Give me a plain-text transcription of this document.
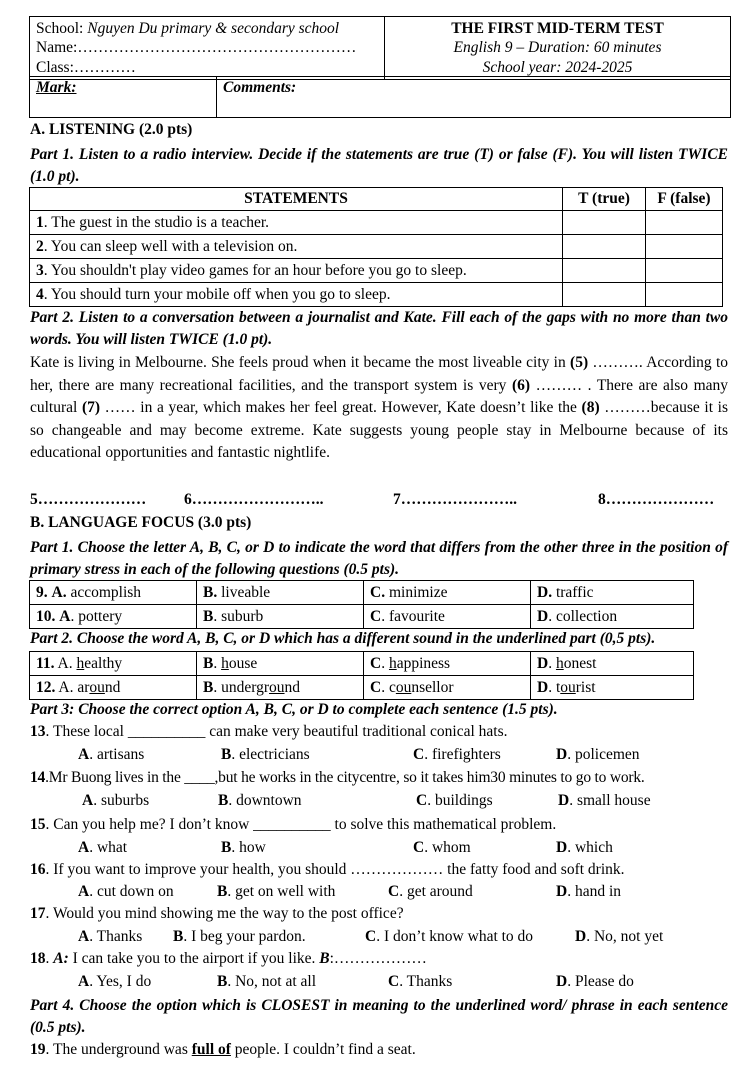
School: Nguyen Du primary & secondary school
Name:………………………………………………
Class:…………

THE FIRST MID-TERM TEST
English 9 – Duration: 60 minutes
School year: 2024-2025
Mark:	Comments:
A. LISTENING (2.0 pts)
Part 1. Listen to a radio interview. Decide if the statements are true (T) or false (F). You will listen TWICE (1.0 pt).
STATEMENTS	T (true)	F (false)
1. The guest in the studio is a teacher.		
2. You can sleep well with a television on.		
3. You shouldn't play video games for an hour before you go to sleep.		
4. You should turn your mobile off when you go to sleep.		
Part 2. Listen to a conversation between a journalist and Kate. Fill each of the gaps with no more than two words. You will listen TWICE (1.0 pt).
Kate is living in Melbourne. She feels proud when it became the most liveable city in (5) ………. According to her, there are many recreational facilities, and the transport system is very (6) ……… . There are also many cultural (7) …… in a year, which makes her feel great. However, Kate doesn’t like the (8) ………because it is so changeable and may become extreme. Kate suggests young people stay in Melbourne because of its educational opportunities and fantastic nightlife.
5………………… 6……………………..	7…………………..	8…………………
B. LANGUAGE FOCUS (3.0 pts)
Part 1. Choose the letter A, B, C, or D to indicate the word that differs from the other three in the position of primary stress in each of the following questions (0.5 pts).
9. A. accomplish	B. liveable	C. minimize	D. traffic
10. A. pottery	B. suburb	C. favourite	D. collection
Part 2. Choose the word A, B, C, or D which has a different sound in the underlined part (0,5 pts).
11. A. healthy	B. house	C. happiness	D. honest
12. A. around	B. underground	C. counsellor	D. tourist
Part 3: Choose the correct option A, B, C, or D to complete each sentence (1.5 pts).
13. These local __________ can make very beautiful traditional conical hats.
A. artisans	B. electricians	C. firefighters	D. policemen
14.Mr Buong lives in the ____,but he works in the citycentre, so it takes him30 minutes to go to work.
A. suburbs	B. downtown	C. buildings	D. small house
15. Can you help me? I don’t know __________ to solve this mathematical problem.
A. what	B. how	C. whom	D. which
16. If you want to improve your health, you should ……………… the fatty food and soft drink.
A. cut down on	B. get on well with	C. get around	D. hand in
17. Would you mind showing me the way to the post office?
A. Thanks B. I beg your pardon.	C. I don’t know what to do	D. No, not yet
18. A: I can take you to the airport if you like. B:………………
A. Yes, I do	B. No, not at all	C. Thanks	D. Please do
Part 4. Choose the option which is CLOSEST in meaning to the underlined word/ phrase in each sentence (0.5 pts).
19. The underground was full of people. I couldn’t find a seat.
